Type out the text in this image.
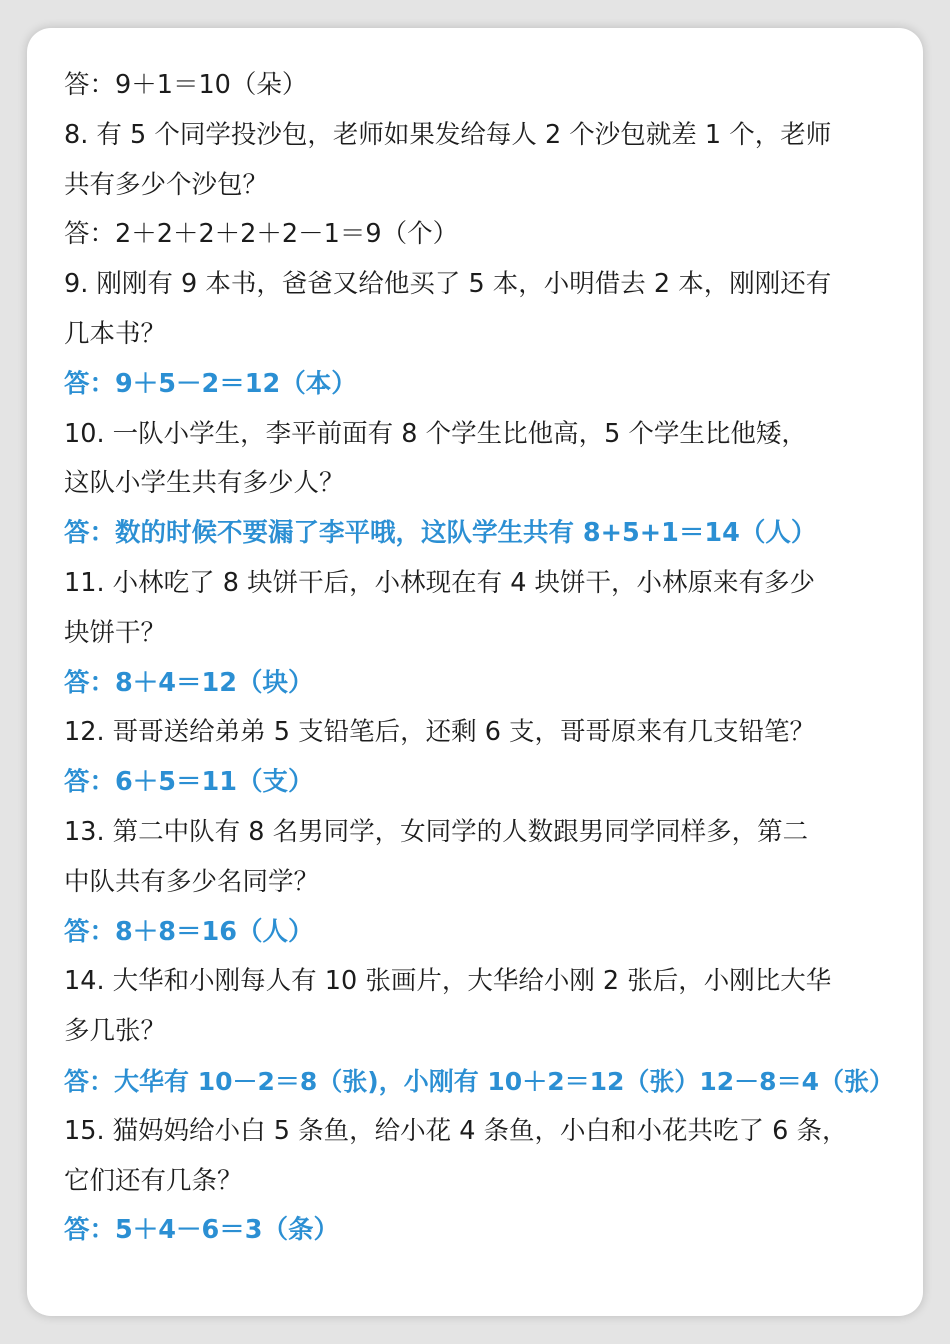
答：9＋1＝10（朵）
8. 有 5 个同学投沙包，老师如果发给每人 2 个沙包就差 1 个，老师
共有多少个沙包？
答：2＋2＋2＋2＋2－1＝9（个）
9. 刚刚有 9 本书，爸爸又给他买了 5 本，小明借去 2 本，刚刚还有
几本书？
答：9＋5－2＝12（本）
10. 一队小学生，李平前面有 8 个学生比他高，5 个学生比他矮，
这队小学生共有多少人？
答：数的时候不要漏了李平哦，这队学生共有 8+5+1＝14（人）
11. 小林吃了 8 块饼干后，小林现在有 4 块饼干，小林原来有多少
块饼干？
答：8＋4＝12（块）
12. 哥哥送给弟弟 5 支铅笔后，还剩 6 支，哥哥原来有几支铅笔？
答：6＋5＝11（支）
13. 第二中队有 8 名男同学，女同学的人数跟男同学同样多，第二
中队共有多少名同学？
答：8＋8＝16（人）
14. 大华和小刚每人有 10 张画片，大华给小刚 2 张后，小刚比大华
多几张？
答：大华有 10－2＝8（张)，小刚有 10＋2＝12（张）12－8＝4（张）
15. 猫妈妈给小白 5 条鱼，给小花 4 条鱼，小白和小花共吃了 6 条，
它们还有几条？
答：5＋4－6＝3（条）
